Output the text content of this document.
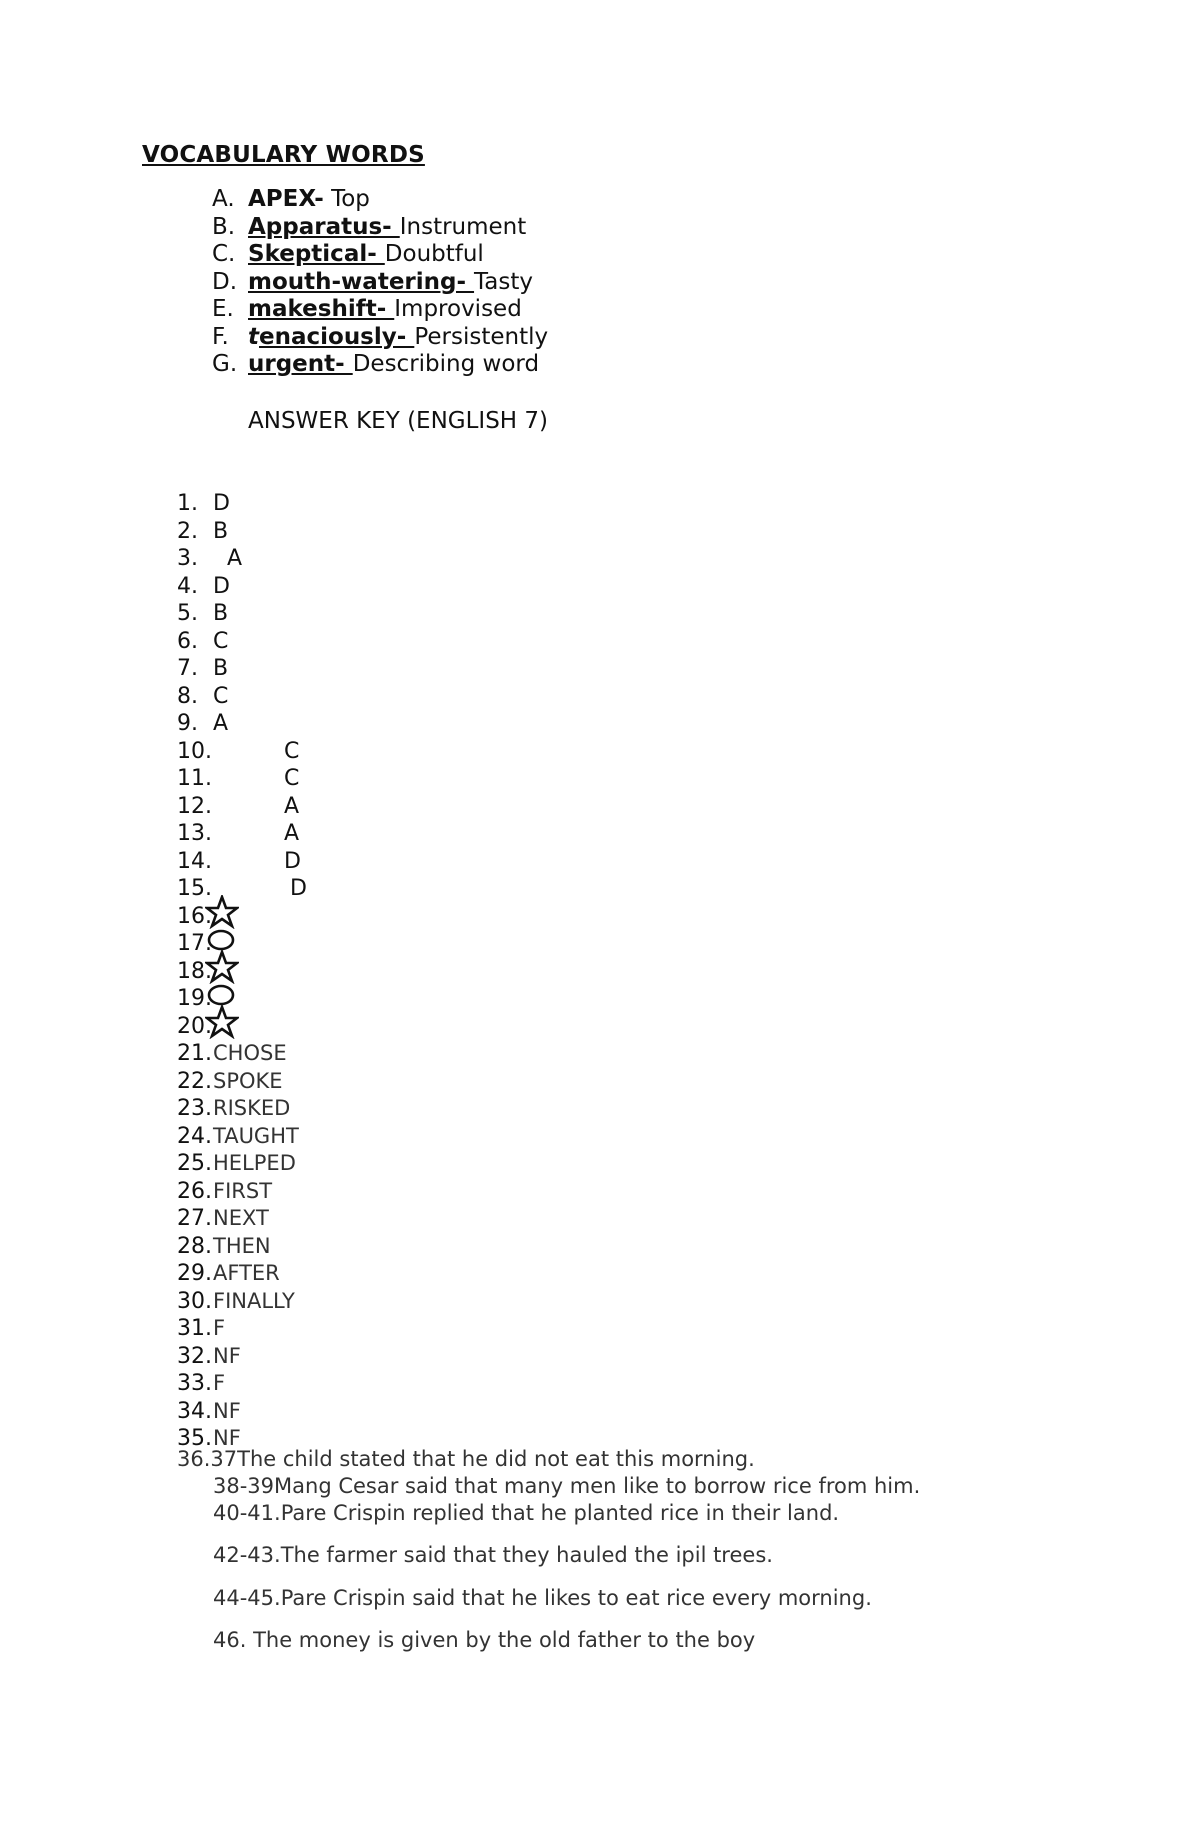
VOCABULARY WORDS
A. APEX- Top
B. Apparatus- Instrument
C. Skeptical- Doubtful
D. mouth-watering- Tasty
E. makeshift- Improvised
F. t enaciously- Persistently
G. urgent- Describing word
ANSWER KEY (ENGLISH 7)
1. D
2. B
3. A
4. D
5. B
6. C
7. B
8. C
9. A
10.	C
11.	C
12.	A
13.	A
14.	D
15.	D
16.
17.
18.
19.
20.
21. CHOSE
22. SPOKE
23. RISKED
24. TAUGHT
25. HELPED
26. FIRST
27. NEXT
28. THEN
29. AFTER
30. FINALLY
31. F
32. NF
33. F
34. NF
35. NF
36.37The child stated that he did not eat this morning.
38-39Mang Cesar said that many men like to borrow rice from him.
40-41.Pare Crispin replied that he planted rice in their land.
42-43.The farmer said that they hauled the ipil trees.
44-45.Pare Crispin said that he likes to eat rice every morning.
46. The money is given by the old father to the boy
